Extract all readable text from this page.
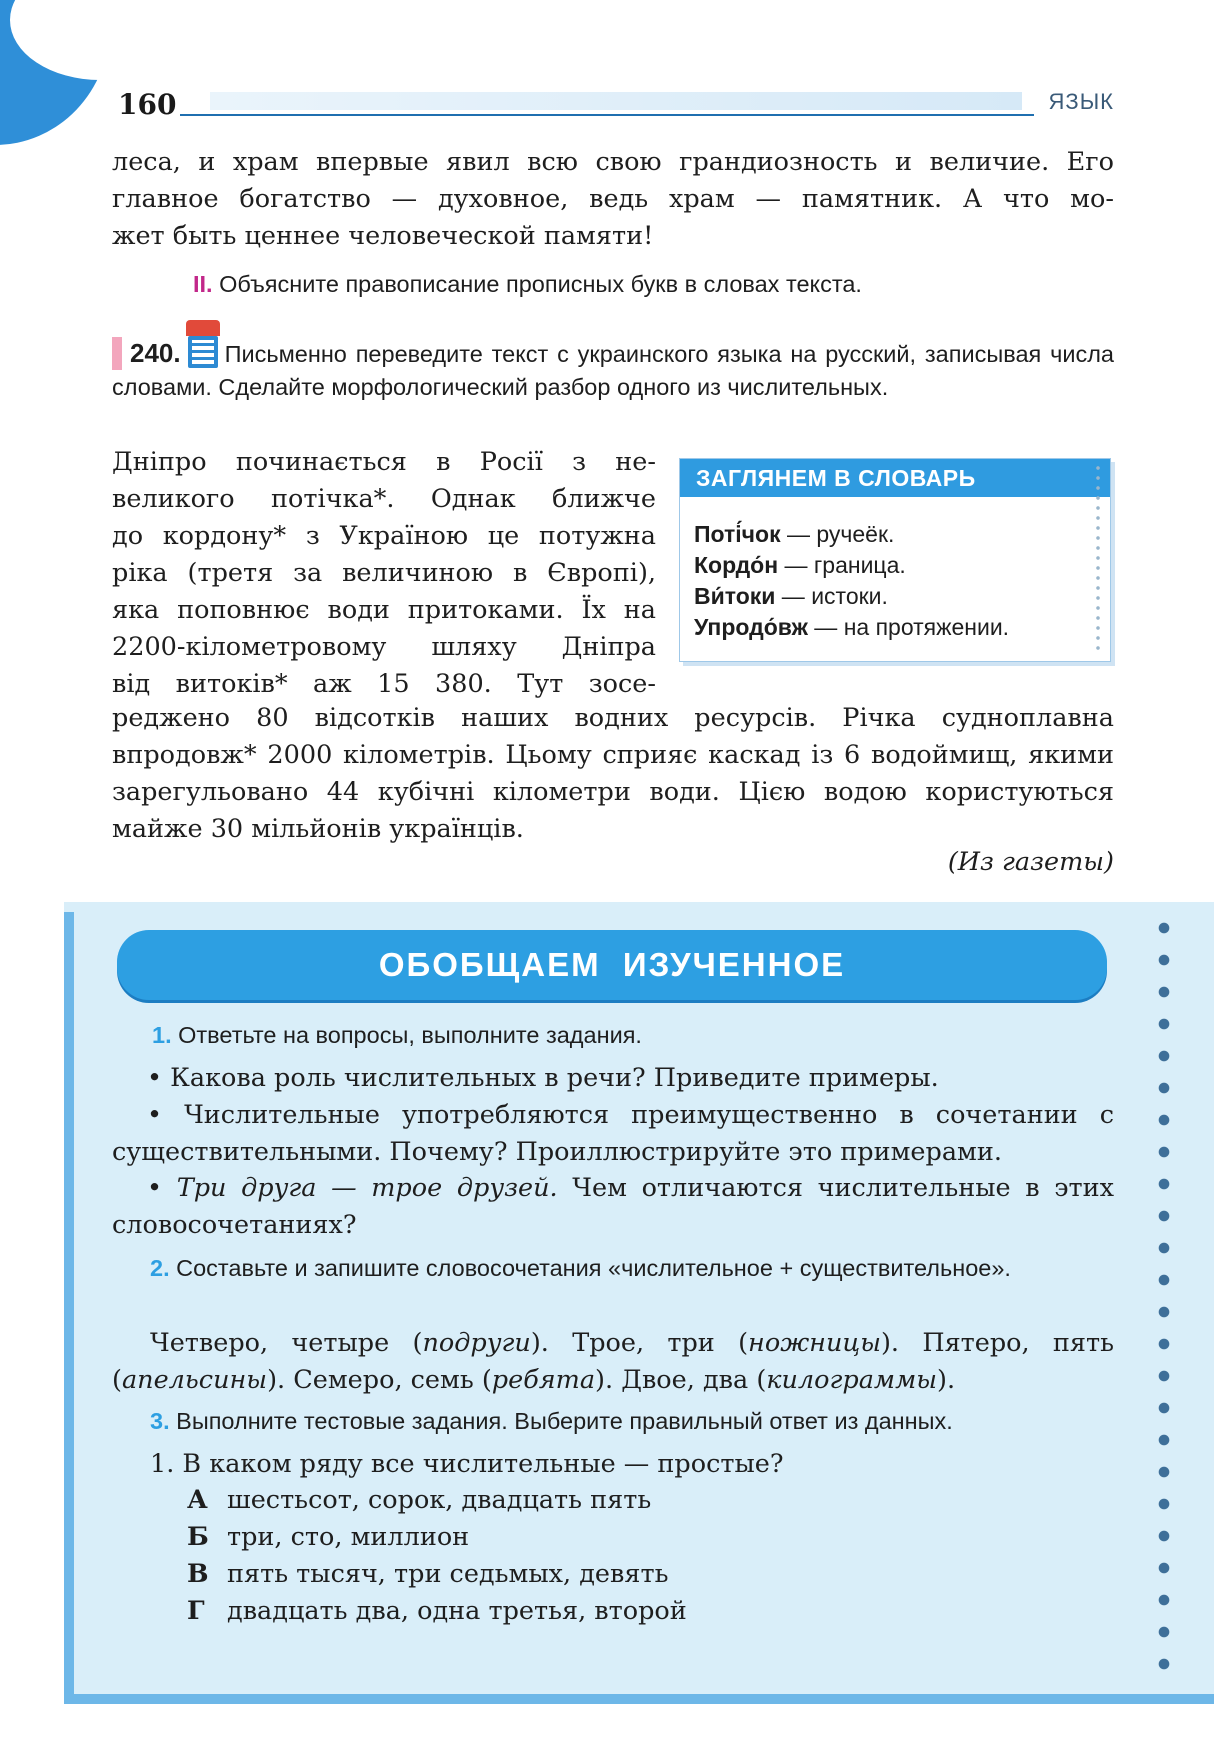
160	ЯЗЫК

леса, и храм впервые явил всю свою грандиозность и величие. Его

главное богатство — духовное, ведь храм — памятник. А что мо-

жет быть ценнее человеческой памяти!

II. Объясните правописание прописных букв в словах текста.

240. Письменно переведите текст с украинского языка на русский, записывая числа словами. Сделайте морфологический разбор одного из числительных.

Дніпро починається в Росії з не-

великого потічка*. Однак ближче

до кордону* з Україною це потужна

ріка (третя за величиною в Європі),

яка поповнює води притоками. Їх на

2200-кілометровому шляху Дніпра

від витоків* аж 15 380. Тут зосе-

ЗАГЛЯНЕМ В СЛОВАРЬ
Поті́чок — ручеёк.
Кордо́н — граница.
Ви́токи — истоки.
Упродо́вж — на протяжении.

реджено 80 відсотків наших водних ресурсів. Річка судноплавна впродовж* 2000 кілометрів. Цьому сприяє каскад із 6 водоймищ, якими зарегульовано 44 кубічні кілометри води. Цією водою користуються майже 30 мільйонів українців.

(Из газеты)
ОБОБЩАЕМ  ИЗУЧЕННОЕ

1. Ответьте на вопросы, выполните задания.

• Какова роль числительных в речи? Приведите примеры.

• Числительные употребляются преимущественно в сочетании с существительными. Почему? Проиллюстрируйте это примерами.

• Три друга — трое друзей. Чем отличаются числительные в этих словосочетаниях?

2. Составьте и запишите словосочетания «числительное + существительное».

Четверо, четыре (подруги). Трое, три (ножницы). Пятеро, пять (апельсины). Семеро, семь (ребята). Двое, два (килограммы).

3. Выполните тестовые задания. Выберите правильный ответ из данных.

1. В каком ряду все числительные — простые?

А шестьсот, сорок, двадцать пять
Б три, сто, миллион
В пять тысяч, три седьмых, девять
Г двадцать два, одна третья, второй
